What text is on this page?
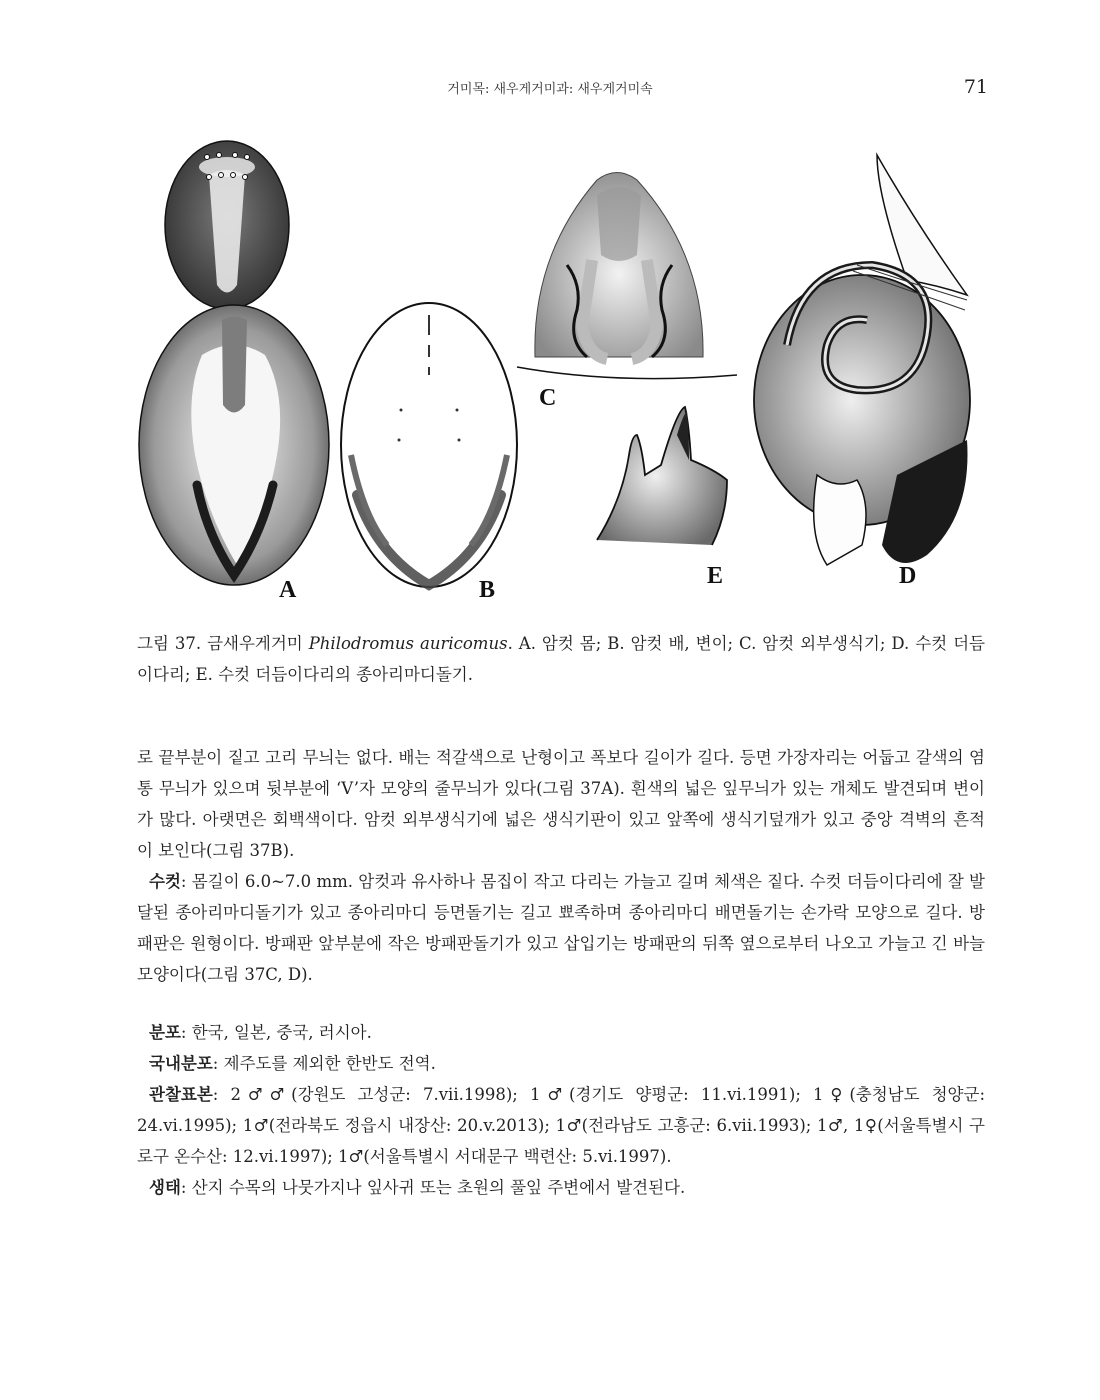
거미목: 새우게거미과: 새우게거미속	71
A	B
C
E	D
그림 37. 금새우게거미 Philodromus auricomus. A. 암컷 몸; B. 암컷 배, 변이; C. 암컷 외부생식기; D. 수컷 더듬이다리; E. 수컷 더듬이다리의 종아리마디돌기.

로 끝부분이 짙고 고리 무늬는 없다. 배는 적갈색으로 난형이고 폭보다 길이가 길다. 등면 가장자리는 어둡고 갈색의 염통 무늬가 있으며 뒷부분에 ‘V’자 모양의 줄무늬가 있다(그림 37A). 흰색의 넓은 잎무늬가 있는 개체도 발견되며 변이가 많다. 아랫면은 회백색이다. 암컷 외부생식기에 넓은 생식기판이 있고 앞쪽에 생식기덮개가 있고 중앙 격벽의 흔적이 보인다(그림 37B).

수컷: 몸길이 6.0~7.0 mm. 암컷과 유사하나 몸집이 작고 다리는 가늘고 길며 체색은 짙다. 수컷 더듬이다리에 잘 발달된 종아리마디돌기가 있고 종아리마디 등면돌기는 길고 뾰족하며 종아리마디 배면돌기는 손가락 모양으로 길다. 방패판은 원형이다. 방패판 앞부분에 작은 방패판돌기가 있고 삽입기는 방패판의 뒤쪽 옆으로부터 나오고 가늘고 긴 바늘 모양이다(그림 37C, D).

분포: 한국, 일본, 중국, 러시아.

국내분포: 제주도를 제외한 한반도 전역.

관찰표본: 2♂♂(강원도 고성군: 7.vii.1998); 1♂(경기도 양평군: 11.vi.1991); 1♀(충청남도 청양군: 24.vi.1995); 1♂(전라북도 정읍시 내장산: 20.v.2013); 1♂(전라남도 고흥군: 6.vii.1993); 1♂, 1♀(서울특별시 구로구 온수산: 12.vi.1997); 1♂(서울특별시 서대문구 백련산: 5.vi.1997).

생태: 산지 수목의 나뭇가지나 잎사귀 또는 초원의 풀잎 주변에서 발견된다.
